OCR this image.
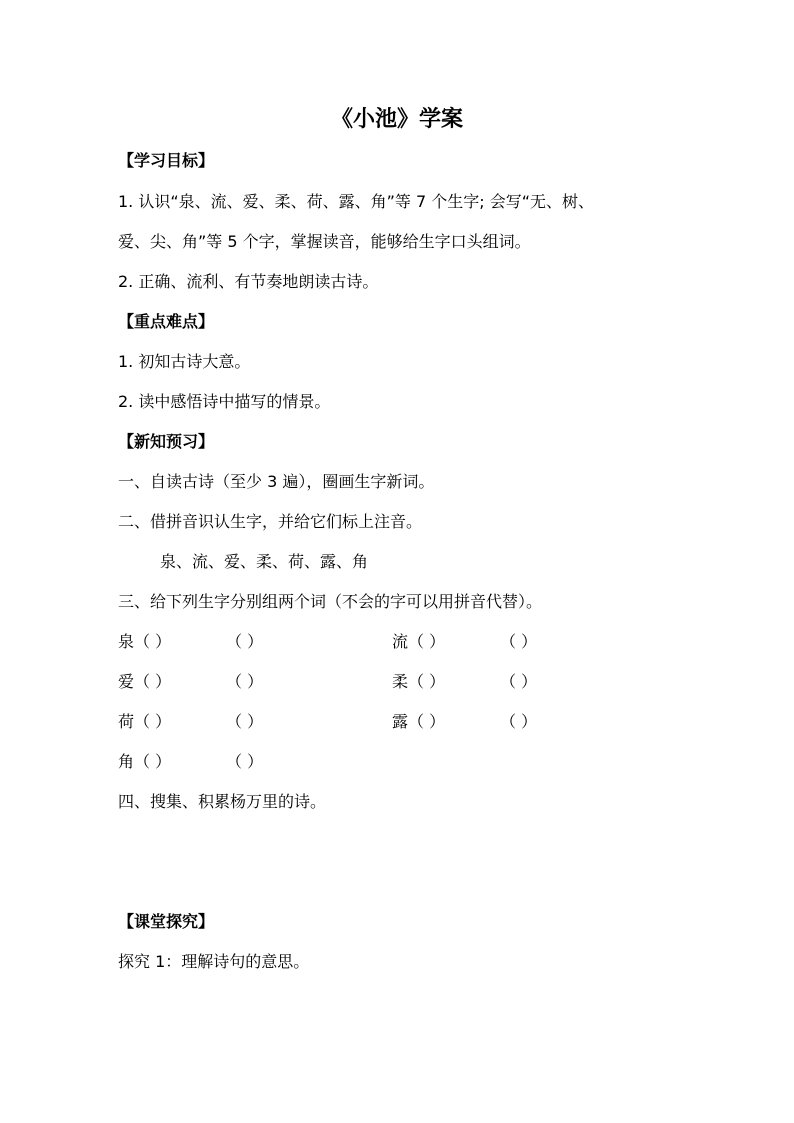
《小池》学案
【学习目标】
1. 认识“泉、流、爱、柔、荷、露、角”等 7 个生字; 会写“无、树、
爱、尖、角”等 5 个字，掌握读音，能够给生字口头组词。
2. 正确、流利、有节奏地朗读古诗。
【重点难点】
1. 初知古诗大意。
2. 读中感悟诗中描写的情景。
【新知预习】
一、自读古诗（至少 3 遍），圈画生字新词。
二、借拼音识认生字，并给它们标上注音。
泉、流、爱、柔、荷、露、角
三、给下列生字分别组两个词（不会的字可以用拼音代替）。
泉 （ ）	（ ）	流 （ ）	（ ）
爱 （ ）	（ ）	柔 （ ）	（ ）
荷 （ ）	（ ）	露 （ ）	（ ）
角 （ ）	（ ）
四、搜集、积累杨万里的诗。
【课堂探究】
探究 1：理解诗句的意思。
